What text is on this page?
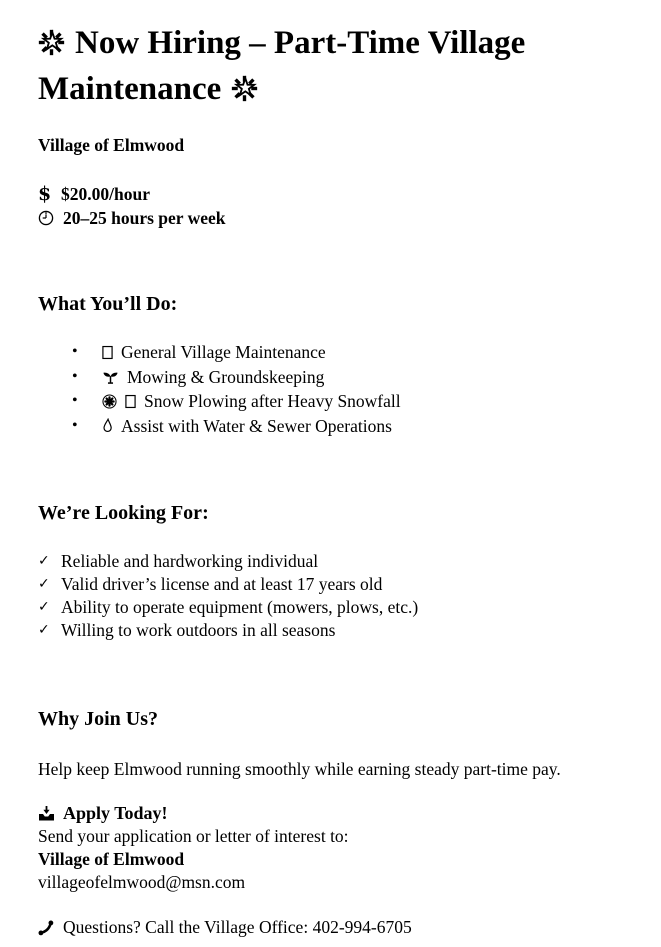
Now Hiring – Part-Time Village Maintenance

Village of Elmwood

$ $20.00/hour
20–25 hours per week
What You’ll Do:
• General Village Maintenance
•	Mowing & Groundskeeping
•	Snow Plowing after Heavy Snowfall
• Assist with Water & Sewer Operations
We’re Looking For:
✓ Reliable and hardworking individual
✓ Valid driver’s license and at least 17 years old
✓ Ability to operate equipment (mowers, plows, etc.)
✓ Willing to work outdoors in all seasons
Why Join Us?

Help keep Elmwood running smoothly while earning steady part-time pay.

Apply Today!

Send your application or letter of interest to:

Village of Elmwood

villageofelmwood@msn.com

Questions? Call the Village Office: 402-994-6705
